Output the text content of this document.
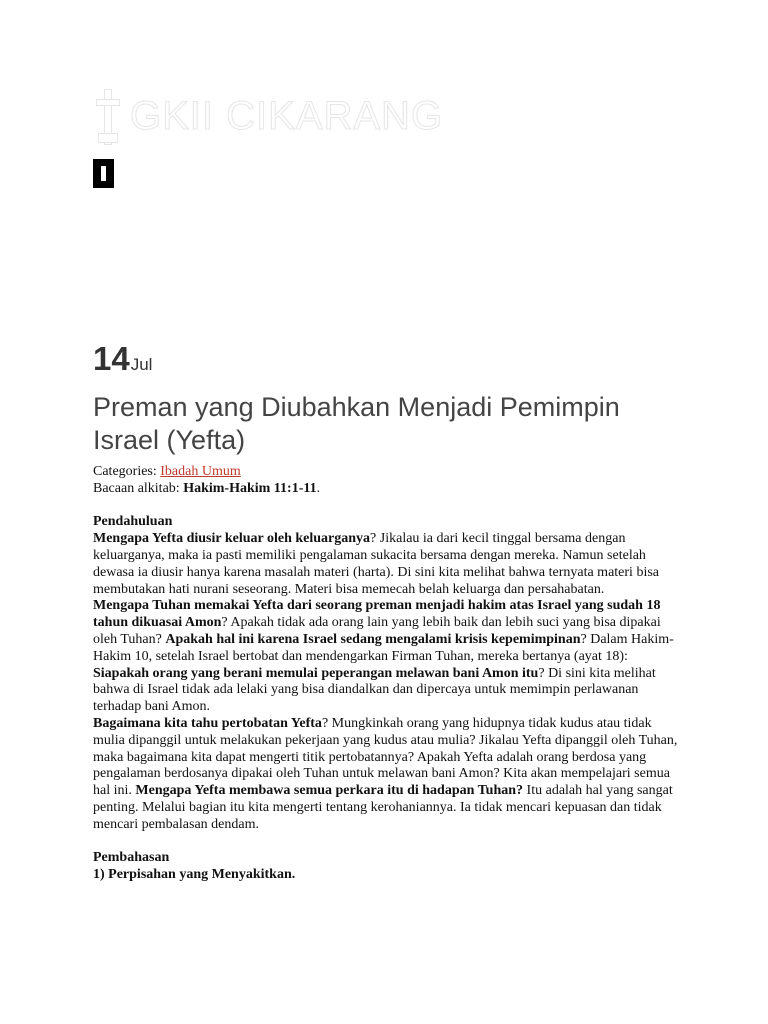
GKII CIKARANG
14Jul
Preman yang Diubahkan Menjadi Pemimpin Israel (Yefta)

Categories: Ibadah Umum

Bacaan alkitab: Hakim-Hakim 11:1-11.

Pendahuluan

Mengapa Yefta diusir keluar oleh keluarganya? Jikalau ia dari kecil tinggal bersama dengan keluarganya, maka ia pasti memiliki pengalaman sukacita bersama dengan mereka. Namun setelah dewasa ia diusir hanya karena masalah materi (harta). Di sini kita melihat bahwa ternyata materi bisa membutakan hati nurani seseorang. Materi bisa memecah belah keluarga dan persahabatan.

Mengapa Tuhan memakai Yefta dari seorang preman menjadi hakim atas Israel yang sudah 18 tahun dikuasai Amon? Apakah tidak ada orang lain yang lebih baik dan lebih suci yang bisa dipakai oleh Tuhan? Apakah hal ini karena Israel sedang mengalami krisis kepemimpinan? Dalam Hakim-Hakim 10, setelah Israel bertobat dan mendengarkan Firman Tuhan, mereka bertanya (ayat 18): Siapakah orang yang berani memulai peperangan melawan bani Amon itu? Di sini kita melihat bahwa di Israel tidak ada lelaki yang bisa diandalkan dan dipercaya untuk memimpin perlawanan terhadap bani Amon.

Bagaimana kita tahu pertobatan Yefta? Mungkinkah orang yang hidupnya tidak kudus atau tidak mulia dipanggil untuk melakukan pekerjaan yang kudus atau mulia? Jikalau Yefta dipanggil oleh Tuhan, maka bagaimana kita dapat mengerti titik pertobatannya? Apakah Yefta adalah orang berdosa yang pengalaman berdosanya dipakai oleh Tuhan untuk melawan bani Amon? Kita akan mempelajari semua hal ini. Mengapa Yefta membawa semua perkara itu di hadapan Tuhan? Itu adalah hal yang sangat penting. Melalui bagian itu kita mengerti tentang kerohaniannya. Ia tidak mencari kepuasan dan tidak mencari pembalasan dendam.

Pembahasan

1) Perpisahan yang Menyakitkan.
